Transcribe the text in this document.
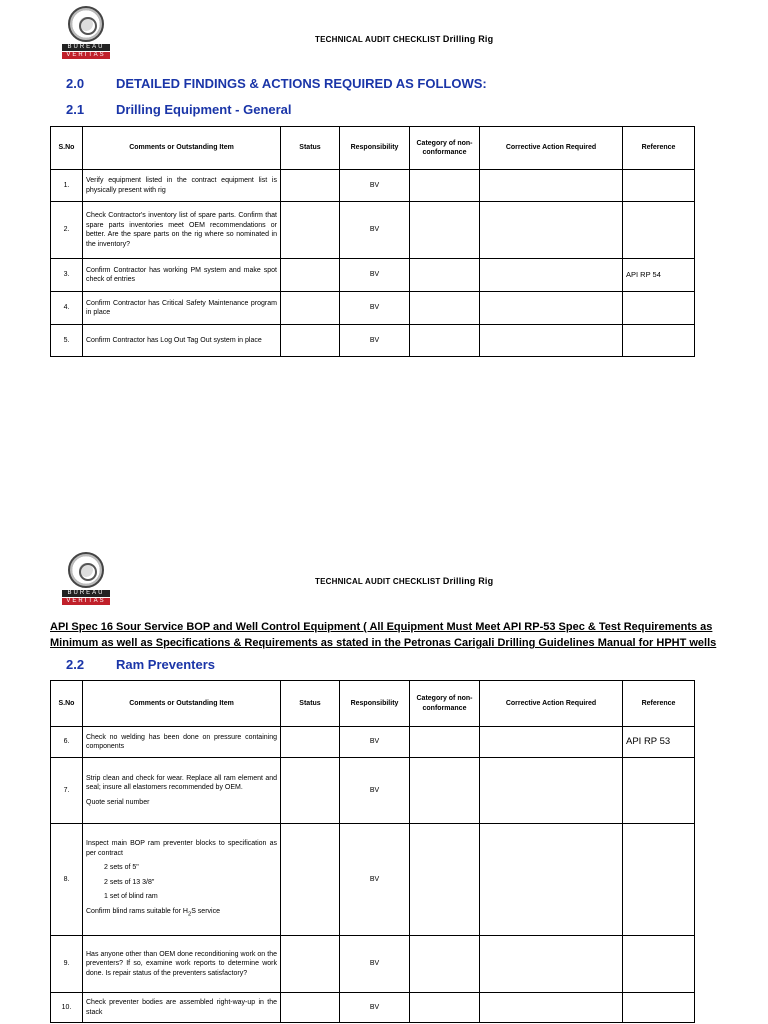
BUREAU
VERITAS
TECHNICAL AUDIT CHECKLIST Drilling Rig
2.0 DETAILED FINDINGS & ACTIONS REQUIRED AS FOLLOWS:
2.1 Drilling Equipment - General
S.No	Comments or Outstanding Item	Status	Responsibility	Category of non-conformance	Corrective Action Required	Reference
1.	Verify equipment listed in the contract equipment list is physically present with rig		BV			
2.	Check Contractor's inventory list of spare parts. Confirm that spare parts inventories meet OEM recommendations or better. Are the spare parts on the rig where so nominated in the inventory?		BV			
3.	Confirm Contractor has working PM system and make spot check of entries		BV			API RP 54
4.	Confirm Contractor has Critical Safety Maintenance program in place		BV			
5.	Confirm Contractor has Log Out Tag Out system in place		BV			
BUREAU
VERITAS
TECHNICAL AUDIT CHECKLIST Drilling Rig
API Spec 16 Sour Service BOP and Well Control Equipment ( All Equipment Must Meet API RP-53 Spec & Test Requirements as Minimum as well as Specifications & Requirements as stated in the Petronas Carigali Drilling Guidelines Manual for HPHT wells
2.2 Ram Preventers
S.No	Comments or Outstanding Item	Status	Responsibility	Category of non-conformance	Corrective Action Required	Reference
6.	Check no welding has been done on pressure containing components		BV			API RP 53
7.	Strip clean and check for wear. Replace all ram element and seal; insure all elastomers recommended by OEM.

Quote serial number		BV			
8.	Inspect main BOP ram preventer blocks to specification as per contract

2 sets of 5"

2 sets of 13 3/8"

1 set of blind ram

Confirm blind rams suitable for $H_2S$ service		BV			
9.	Has anyone other than OEM done reconditioning work on the preventers? If so, examine work reports to determine work done. Is repair status of the preventers satisfactory?		BV			
10.	Check preventer bodies are assembled right-way-up in the stack		BV			
